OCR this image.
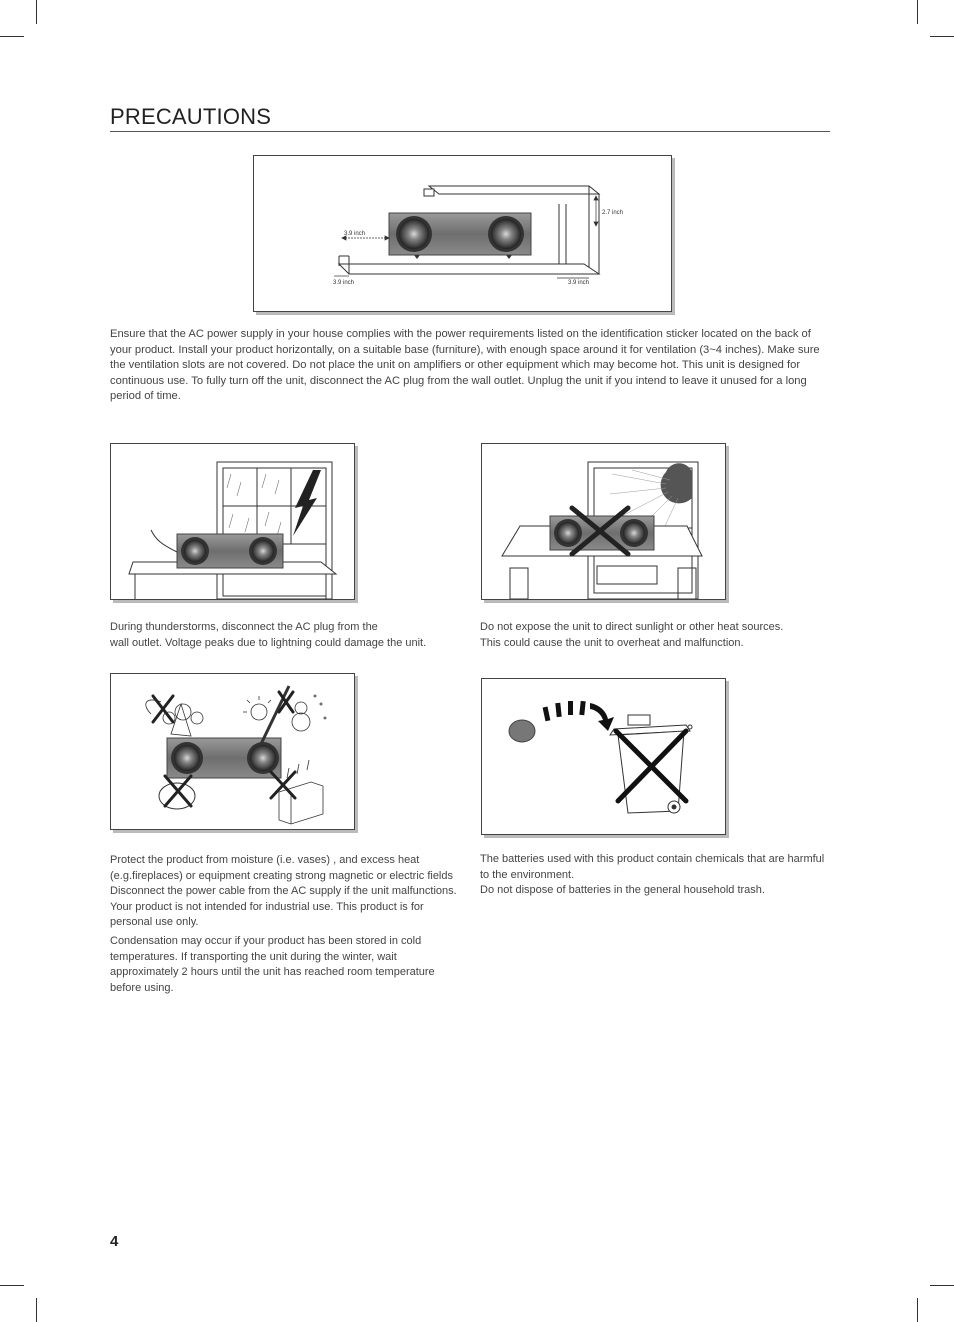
PRECAUTIONS
3.9 inch
3.9 inch	3.9 inch
2.7 inch
Ensure that the AC power supply in your house complies with the power requirements listed on the identification sticker located on the back of your product. Install your product horizontally, on a suitable base (furniture), with enough space around it for ventilation (3~4 inches). Make sure the ventilation slots are not covered. Do not place the unit on amplifiers or other equipment which may become hot. This unit is designed for continuous use. To fully turn off the unit, disconnect the AC plug from the wall outlet. Unplug the unit if you intend to leave it unused for a long period of time.

During thunderstorms, disconnect the AC plug from the

wall outlet. Voltage peaks due to lightning could damage the unit.

Do not expose the unit to direct sunlight or other heat sources.

This could cause the unit to overheat and malfunction.

Protect the product from moisture (i.e. vases) , and excess heat (e.g.fireplaces) or equipment creating strong magnetic or electric fields Disconnect the power cable from the AC supply if the unit malfunctions. Your product is not intended for industrial use. This product is for personal use only.

Condensation may occur if your product has been stored in cold temperatures. If transporting the unit during the winter, wait approximately 2 hours until the unit has reached room temperature before using.

The batteries used with this product contain chemicals that are harmful to the environment.

Do not dispose of batteries in the general household trash.

4
